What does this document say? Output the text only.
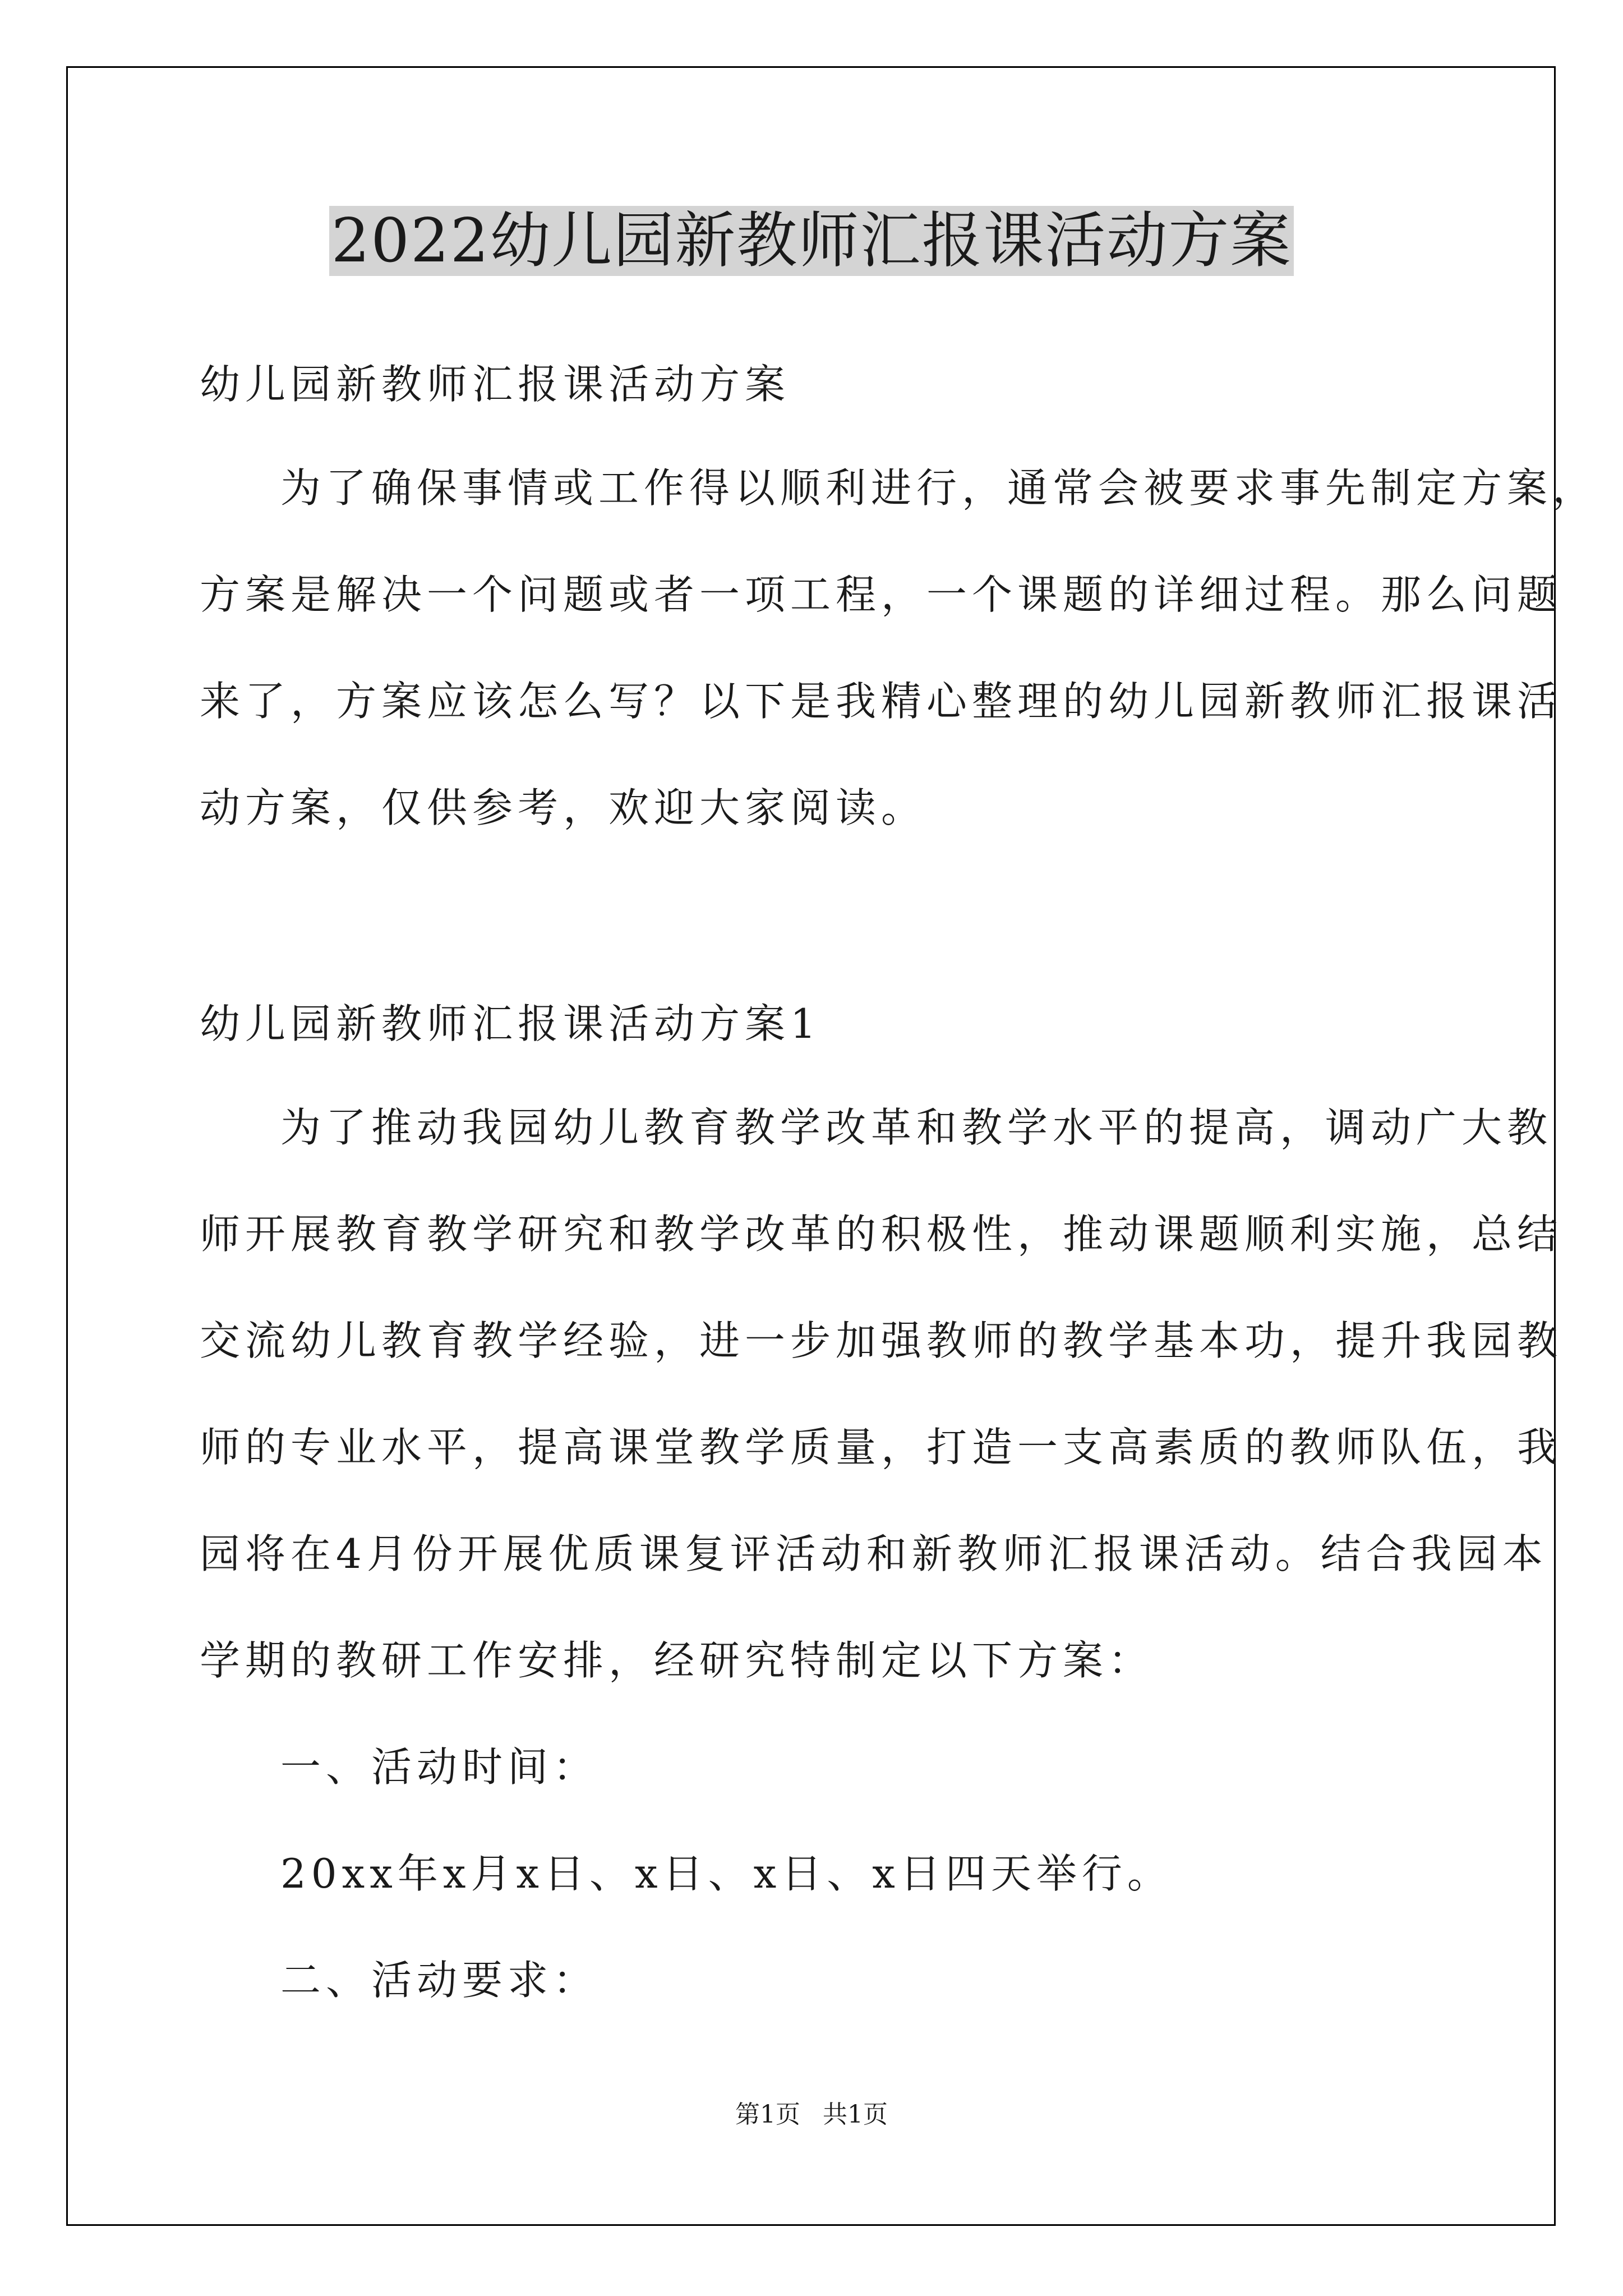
2022幼儿园新教师汇报课活动方案
幼儿园新教师汇报课活动方案
为了确保事情或工作得以顺利进行，通常会被要求事先制定方案，
方案是解决一个问题或者一项工程，一个课题的详细过程。那么问题
来了，方案应该怎么写？以下是我精心整理的幼儿园新教师汇报课活
动方案，仅供参考，欢迎大家阅读。
幼儿园新教师汇报课活动方案1
为了推动我园幼儿教育教学改革和教学水平的提高，调动广大教
师开展教育教学研究和教学改革的积极性，推动课题顺利实施，总结
交流幼儿教育教学经验，进一步加强教师的教学基本功，提升我园教
师的专业水平，提高课堂教学质量，打造一支高素质的教师队伍，我
园将在4月份开展优质课复评活动和新教师汇报课活动。结合我园本
学期的教研工作安排，经研究特制定以下方案：
一、活动时间：
20xx年x月x日、x日、x日、x日四天举行。
二、活动要求：
第1页 共1页
